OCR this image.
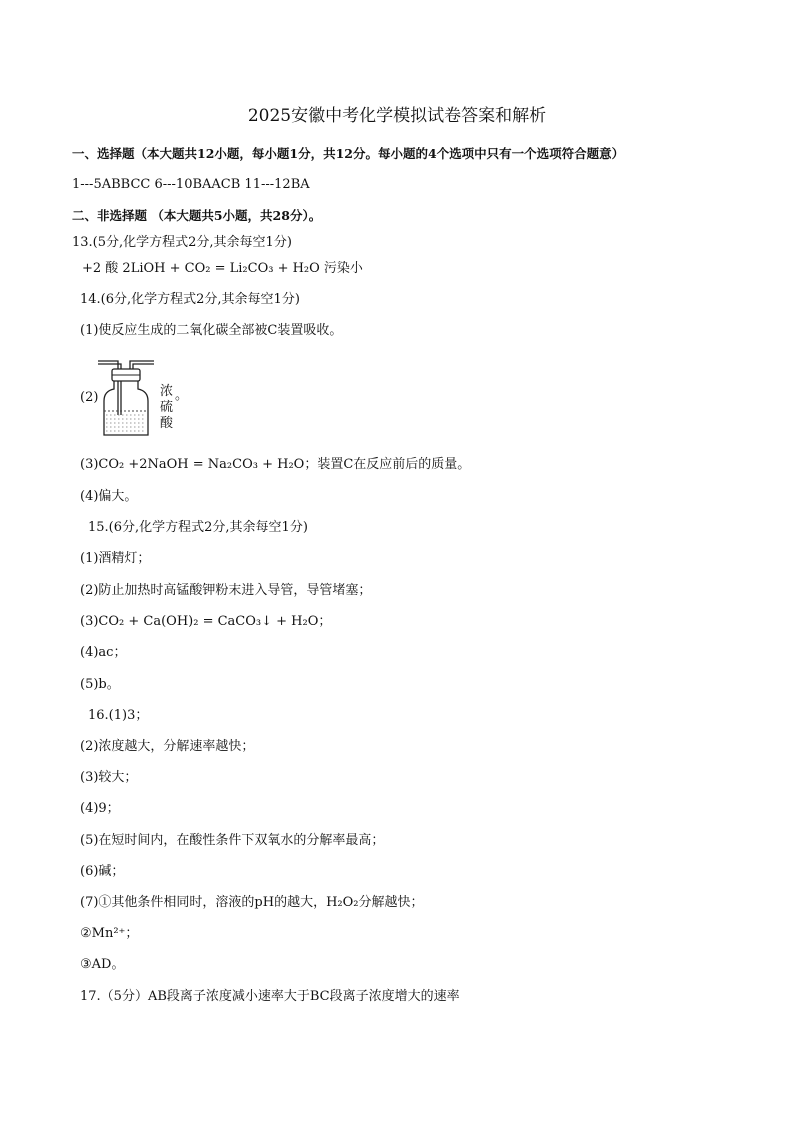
2025安徽中考化学模拟试卷答案和解析
一、选择题（本大题共12小题，每小题1分，共12分。每小题的4个选项中只有一个选项符合题意）
1---5ABBCC 6---10BAACB 11---12BA
二、非选择题 （本大题共5小题，共28分）。
13.(5分,化学方程式2分,其余每空1分)
+2 酸 2LiOH + CO₂ = Li₂CO₃ + H₂O 污染小
14.(6分,化学方程式2分,其余每空1分)
(1)使反应生成的二氧化碳全部被C装置吸收。
(2)	浓
硫
酸
。
(3)CO₂ +2NaOH = Na₂CO₃ + H₂O；装置C在反应前后的质量。
(4)偏大。
15.(6分,化学方程式2分,其余每空1分)
(1)酒精灯；
(2)防止加热时高锰酸钾粉末进入导管，导管堵塞；
(3)CO₂ + Ca(OH)₂ = CaCO₃↓ + H₂O；
(4)ac；
(5)b。
16.(1)3；
(2)浓度越大，分解速率越快；
(3)较大；
(4)9；
(5)在短时间内，在酸性条件下双氧水的分解率最高；
(6)碱；
(7)①其他条件相同时，溶液的pH的越大，H₂O₂分解越快；
②Mn²⁺；
③AD。
17.（5分）AB段离子浓度减小速率大于BC段离子浓度增大的速率
